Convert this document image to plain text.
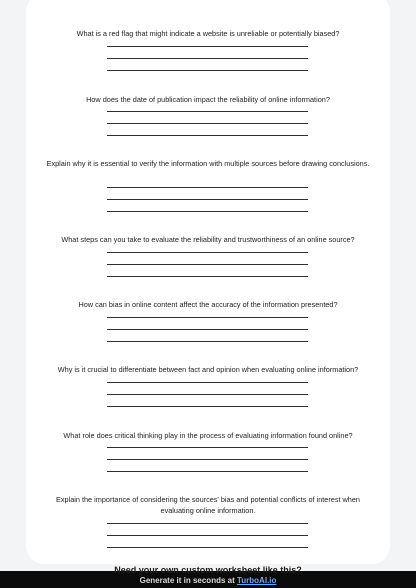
What is a red flag that might indicate a website is unreliable or potentially biased?
How does the date of publication impact the reliability of online information?
Explain why it is essential to verify the information with multiple sources before drawing conclusions.
What steps can you take to evaluate the reliability and trustworthiness of an online source?
How can bias in online content affect the accuracy of the information presented?
Why is it crucial to differentiate between fact and opinion when evaluating online information?
What role does critical thinking play in the process of evaluating information found online?
Explain the importance of considering the sources' bias and potential conflicts of interest when evaluating online information.
Need your own custom worksheet like this?
Generate it in seconds at TurboAI.io
